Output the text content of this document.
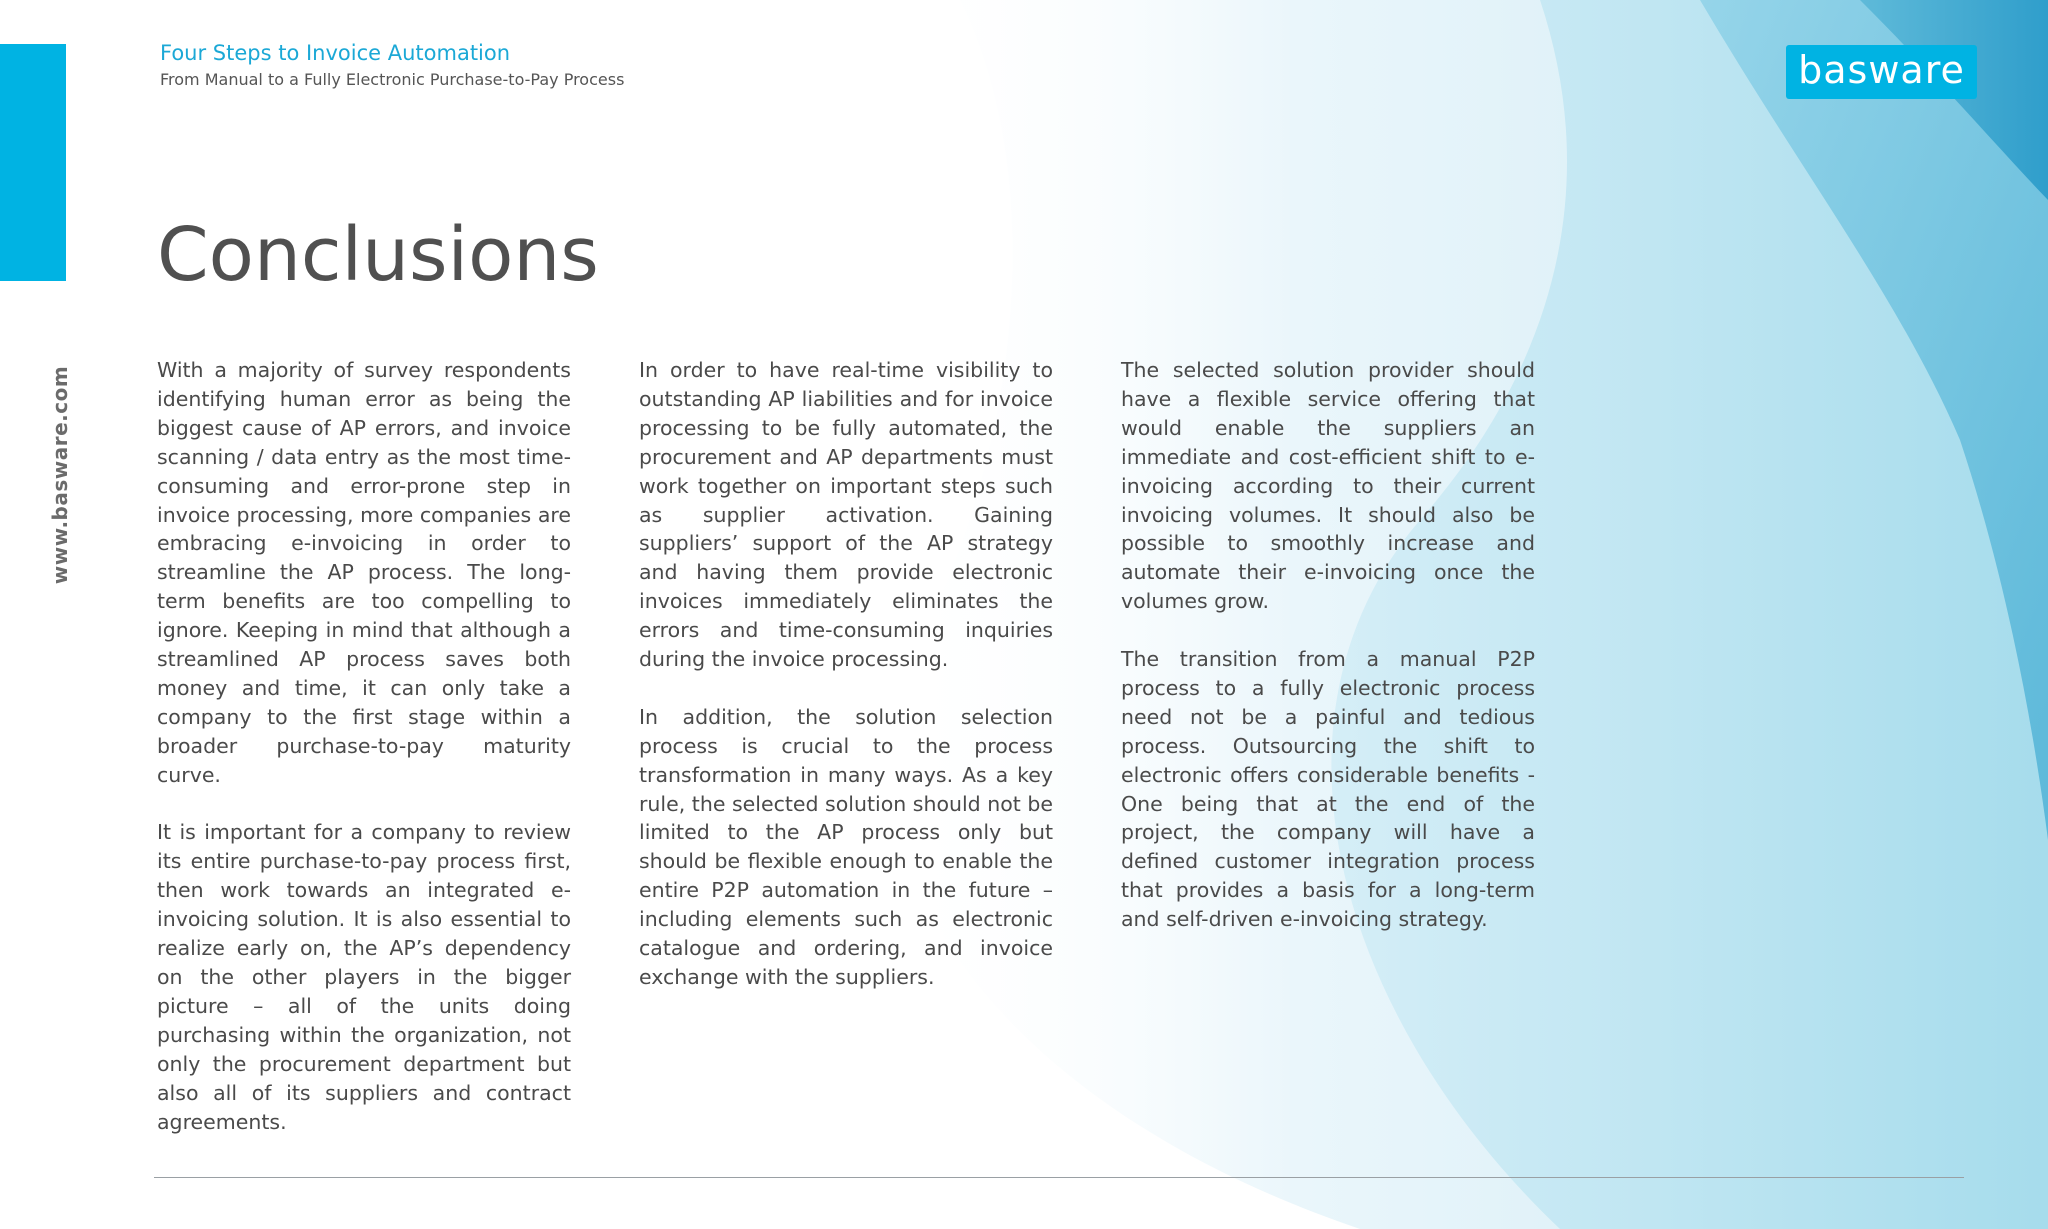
www.basware.com
Four Steps to Invoice Automation
From Manual to a Fully Electronic Purchase-to-Pay Process	basware
Conclusions

With a majority of survey respondents identifying human error as being the biggest cause of AP errors, and invoice scanning / data entry as the most time-consuming and error-prone step in invoice processing, more companies are embracing e-invoicing in order to streamline the AP process. The long-term benefits are too compelling to ignore. Keeping in mind that although a streamlined AP process saves both money and time, it can only take a company to the first stage within a broader purchase-to-pay maturity curve.

It is important for a company to review its entire purchase-to-pay process first, then work towards an integrated e-invoicing solution. It is also essential to realize early on, the AP’s dependency on the other players in the bigger picture – all of the units doing purchasing within the organization, not only the procurement department but also all of its suppliers and contract agreements.

In order to have real-time visibility to outstanding AP liabilities and for invoice processing to be fully automated, the procurement and AP departments must work together on important steps such as supplier activation. Gaining suppliers’ support of the AP strategy and having them provide electronic invoices immediately eliminates the errors and time-consuming inquiries during the invoice processing.

In addition, the solution selection process is crucial to the process transformation in many ways. As a key rule, the selected solution should not be limited to the AP process only but should be flexible enough to enable the entire P2P automation in the future – including elements such as electronic catalogue and ordering, and invoice exchange with the suppliers.

The selected solution provider should have a flexible service offering that would enable the suppliers an immediate and cost-efficient shift to e-invoicing according to their current invoicing volumes. It should also be possible to smoothly increase and automate their e-invoicing once the volumes grow.

The transition from a manual P2P process to a fully electronic process need not be a painful and tedious process. Outsourcing the shift to electronic offers considerable benefits - One being that at the end of the project, the company will have a defined customer integration process that provides a basis for a long-term and self-driven e-invoicing strategy.
